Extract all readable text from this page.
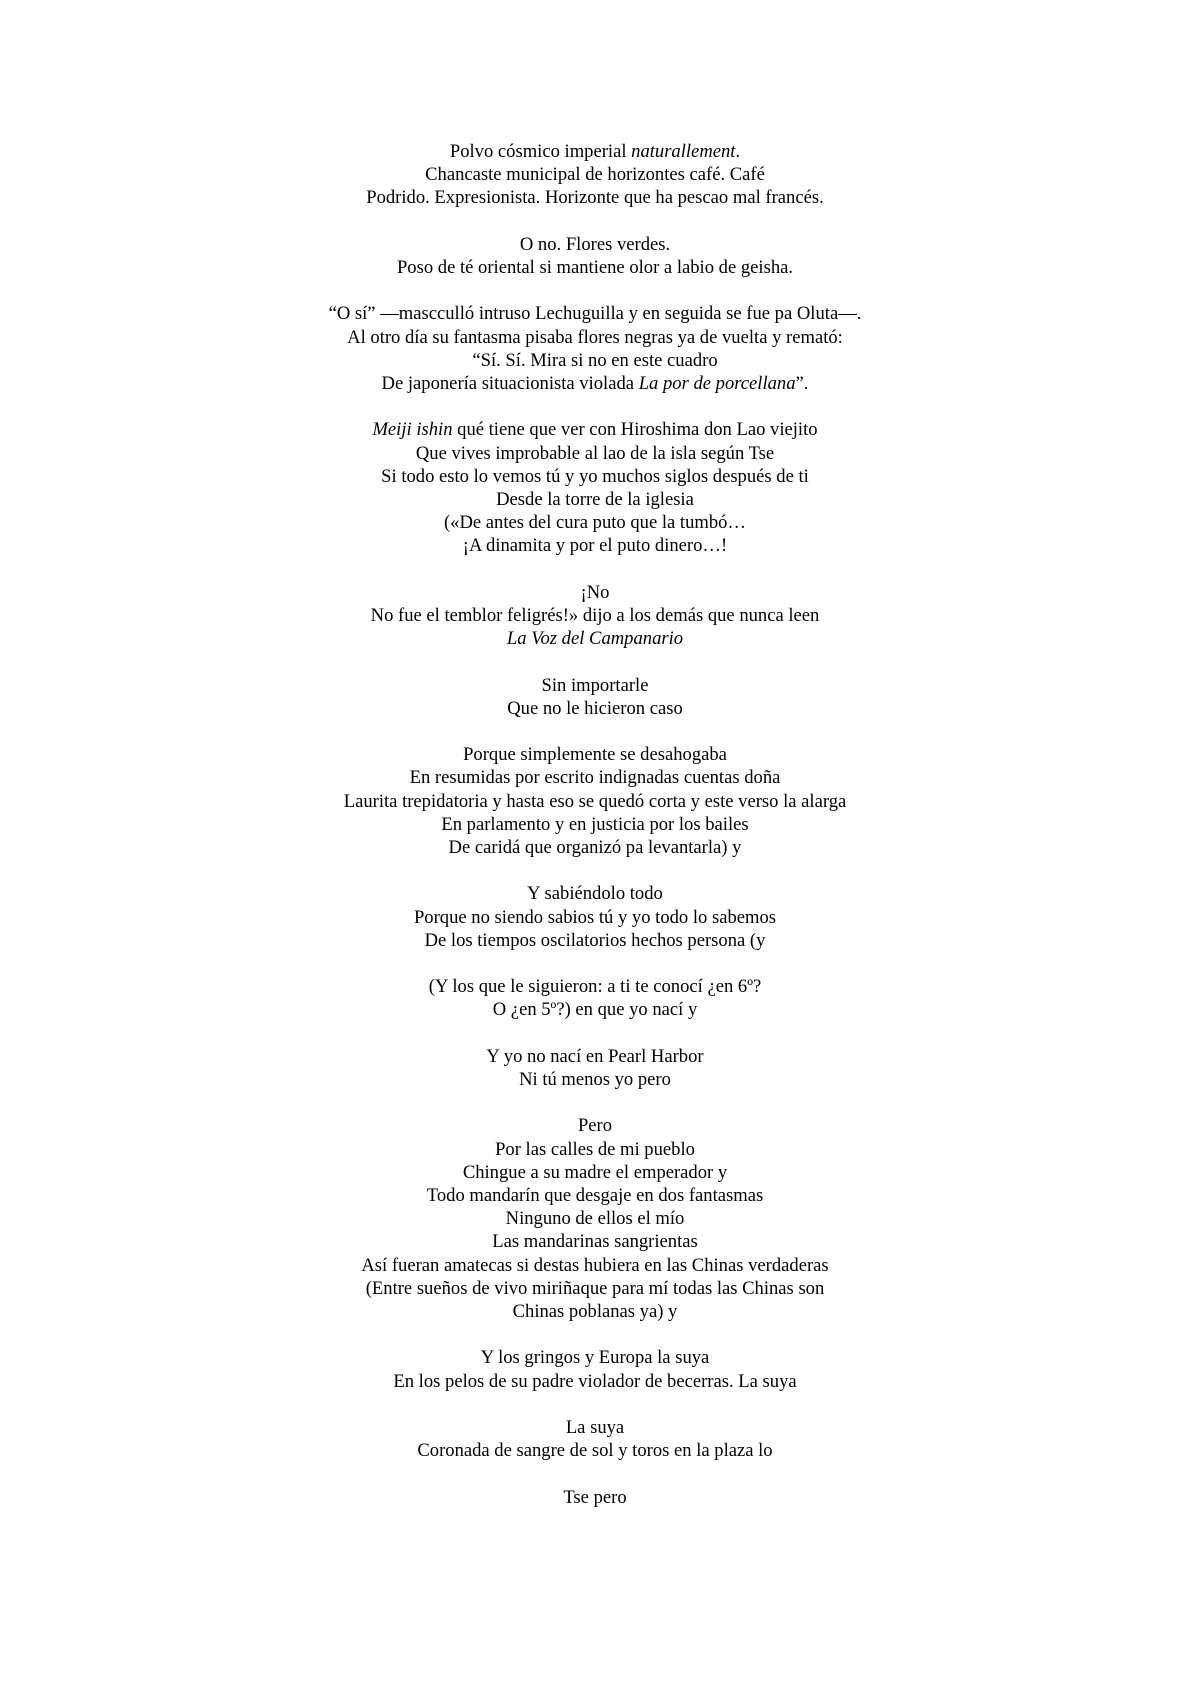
Polvo cósmico imperial naturallement.
Chancaste municipal de horizontes café. Café
Podrido. Expresionista. Horizonte que ha pescao mal francés.
O no. Flores verdes.
Poso de té oriental si mantiene olor a labio de geisha.
“O sí” —mascculló intruso Lechuguilla y en seguida se fue pa Oluta—.
Al otro día su fantasma pisaba flores negras ya de vuelta y remató:
“Sí. Sí. Mira si no en este cuadro
De japonería situacionista violada La por de porcellana”.
Meiji ishin qué tiene que ver con Hiroshima don Lao viejito
Que vives improbable al lao de la isla según Tse
Si todo esto lo vemos tú y yo muchos siglos después de ti
Desde la torre de la iglesia
(«De antes del cura puto que la tumbó…
¡A dinamita y por el puto dinero…!
¡No
No fue el temblor feligrés!» dijo a los demás que nunca leen
La Voz del Campanario
Sin importarle
Que no le hicieron caso
Porque simplemente se desahogaba
En resumidas por escrito indignadas cuentas doña
Laurita trepidatoria y hasta eso se quedó corta y este verso la alarga
En parlamento y en justicia por los bailes
De caridá que organizó pa levantarla) y
Y sabiéndolo todo
Porque no siendo sabios tú y yo todo lo sabemos
De los tiempos oscilatorios hechos persona (y
(Y los que le siguieron: a ti te conocí ¿en 6º?
O ¿en 5º?) en que yo nací y
Y yo no nací en Pearl Harbor
Ni tú menos yo pero
Pero
Por las calles de mi pueblo
Chingue a su madre el emperador y
Todo mandarín que desgaje en dos fantasmas
Ninguno de ellos el mío
Las mandarinas sangrientas
Así fueran amatecas si destas hubiera en las Chinas verdaderas
(Entre sueños de vivo miriñaque para mí todas las Chinas son
Chinas poblanas ya) y
Y los gringos y Europa la suya
En los pelos de su padre violador de becerras. La suya
La suya
Coronada de sangre de sol y toros en la plaza lo
Tse pero
